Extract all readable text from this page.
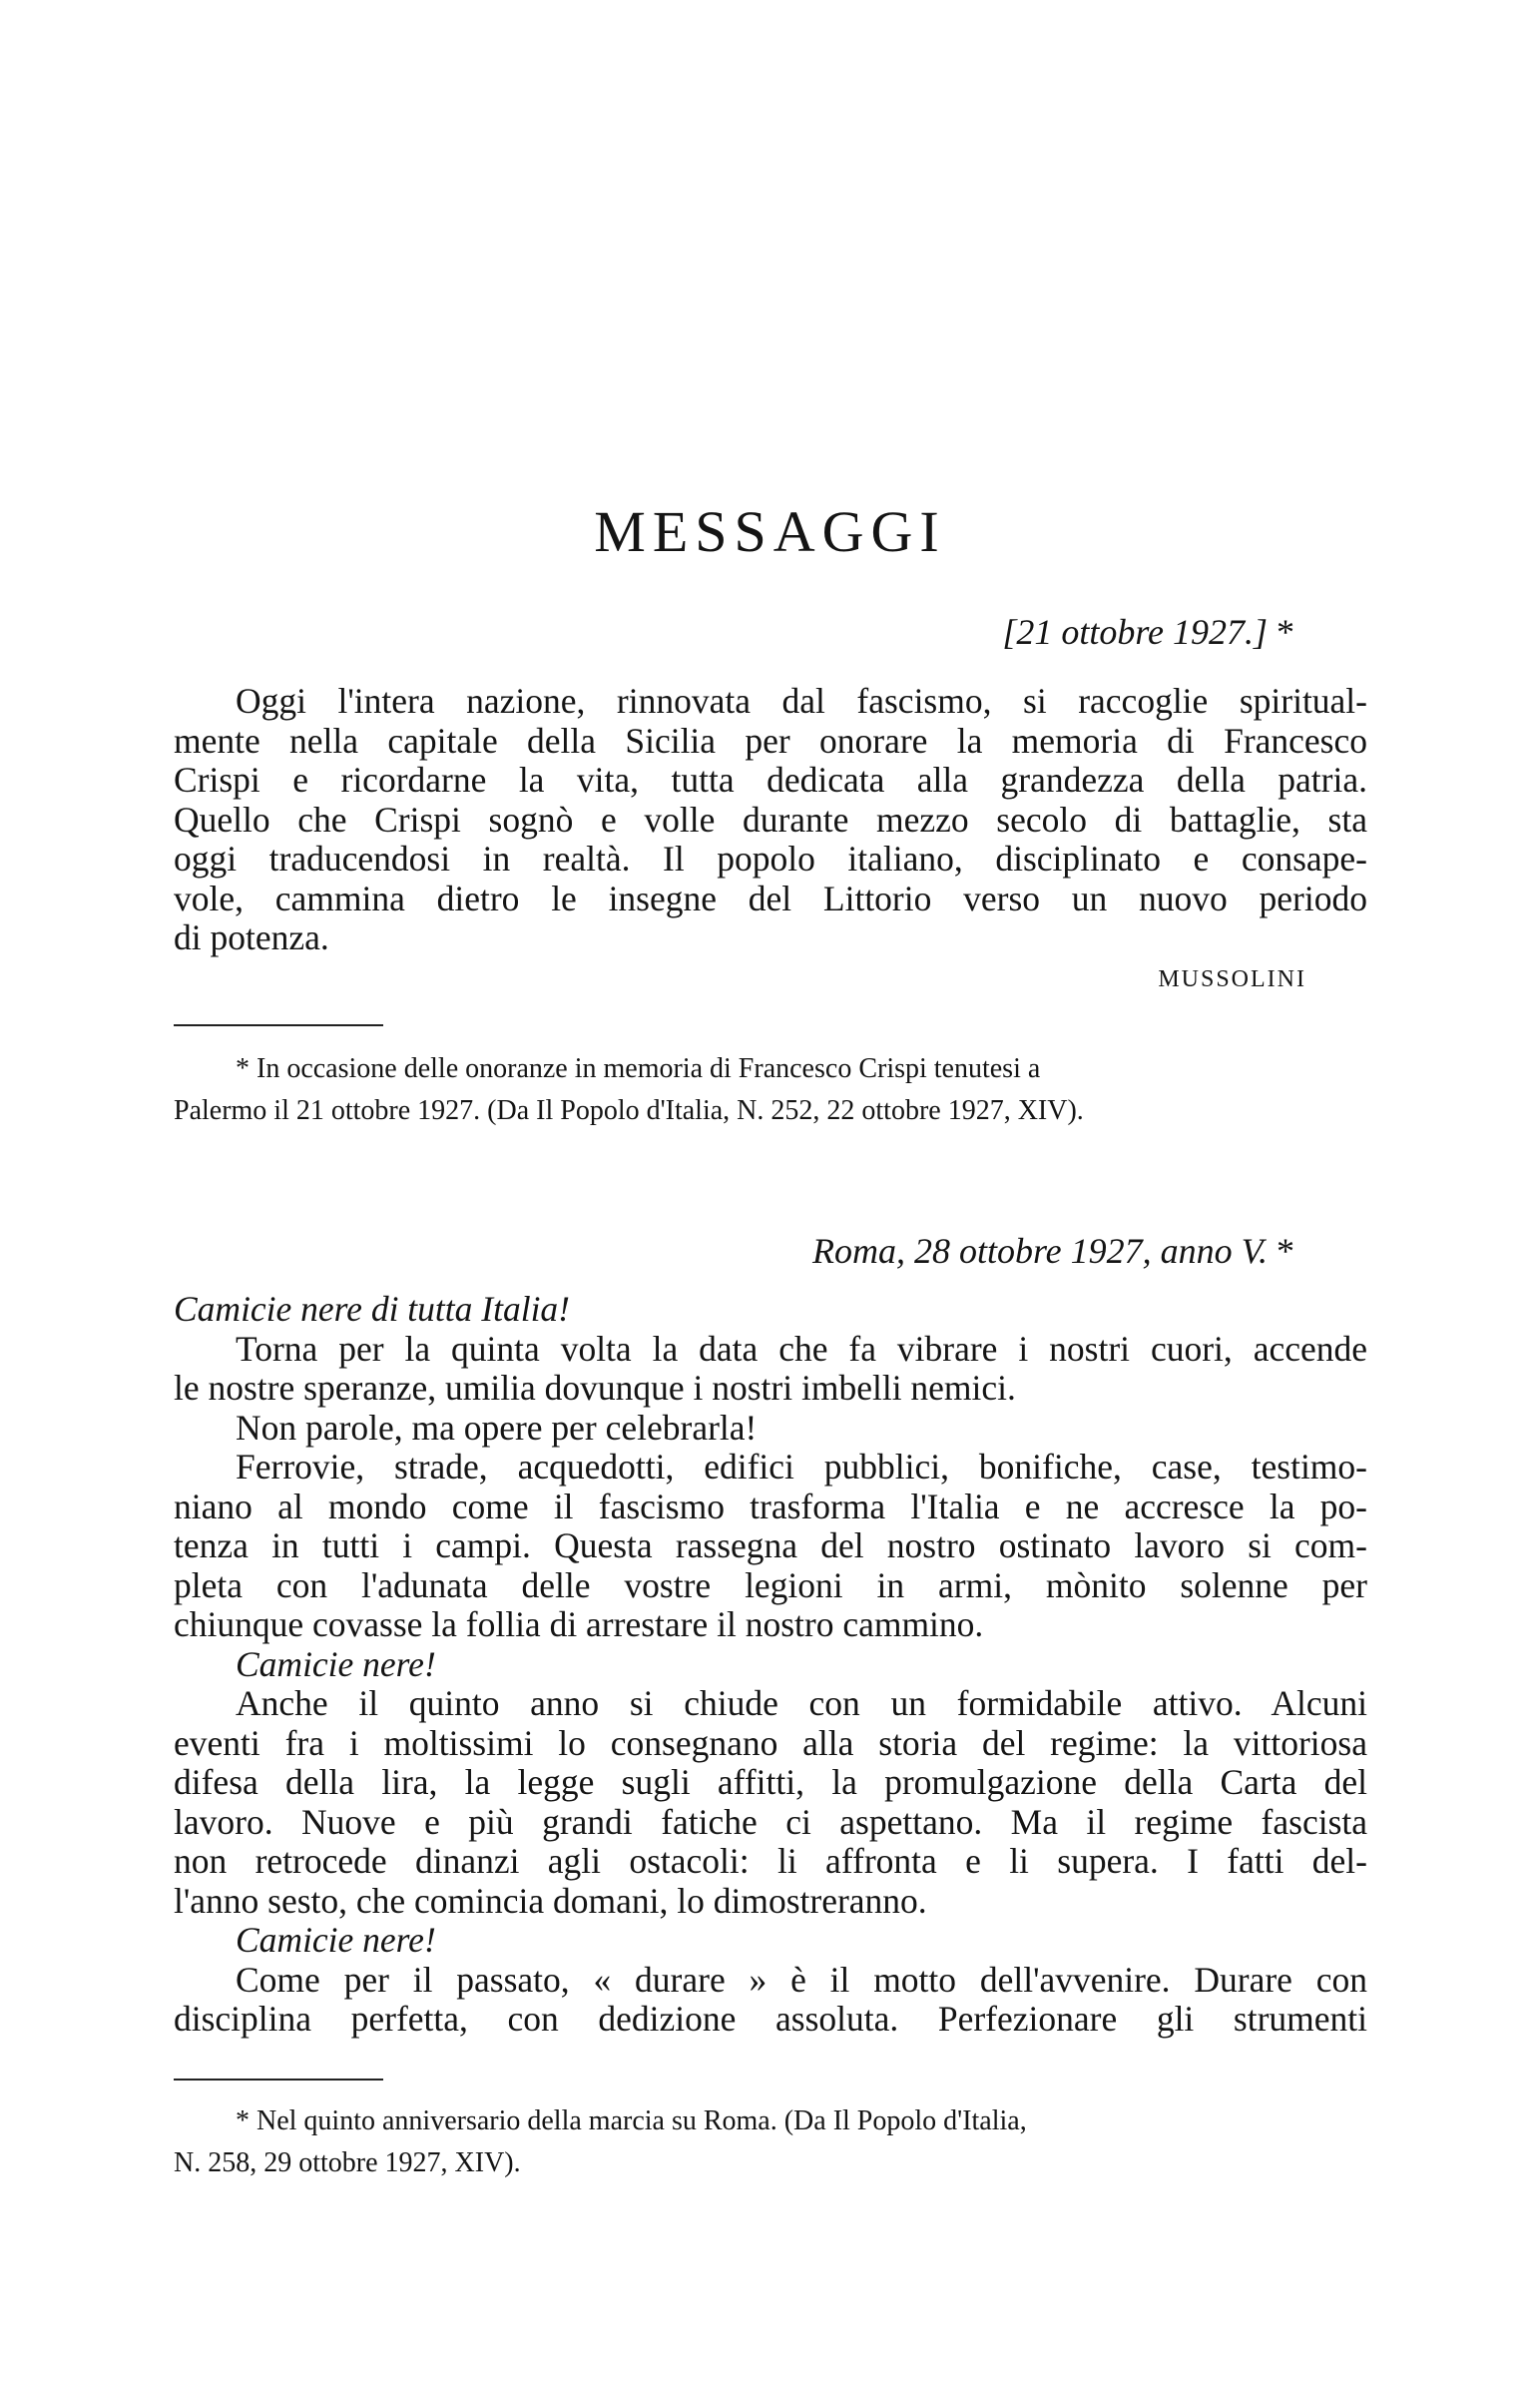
MESSAGGI
[21 ottobre 1927.] *
Oggi l'intera nazione, rinnovata dal fascismo, si raccoglie spiritual-
mente nella capitale della Sicilia per onorare la memoria di Francesco
Crispi e ricordarne la vita, tutta dedicata alla grandezza della patria.
Quello che Crispi sognò e volle durante mezzo secolo di battaglie, sta
oggi traducendosi in realtà. Il popolo italiano, disciplinato e consape-
vole, cammina dietro le insegne del Littorio verso un nuovo periodo
di potenza.
MUSSOLINI
* In occasione delle onoranze in memoria di Francesco Crispi tenutesi a
Palermo il 21 ottobre 1927. (Da Il Popolo d'Italia, N. 252, 22 ottobre 1927, XIV).
Roma, 28 ottobre 1927, anno V. *
Camicie nere di tutta Italia!
Torna per la quinta volta la data che fa vibrare i nostri cuori, accende
le nostre speranze, umilia dovunque i nostri imbelli nemici.
Non parole, ma opere per celebrarla!
Ferrovie, strade, acquedotti, edifici pubblici, bonifiche, case, testimo-
niano al mondo come il fascismo trasforma l'Italia e ne accresce la po-
tenza in tutti i campi. Questa rassegna del nostro ostinato lavoro si com-
pleta con l'adunata delle vostre legioni in armi, mònito solenne per
chiunque covasse la follia di arrestare il nostro cammino.
Camicie nere!
Anche il quinto anno si chiude con un formidabile attivo. Alcuni
eventi fra i moltissimi lo consegnano alla storia del regime: la vittoriosa
difesa della lira, la legge sugli affitti, la promulgazione della Carta del
lavoro. Nuove e più grandi fatiche ci aspettano. Ma il regime fascista
non retrocede dinanzi agli ostacoli: li affronta e li supera. I fatti del-
l'anno sesto, che comincia domani, lo dimostreranno.
Camicie nere!
Come per il passato, « durare » è il motto dell'avvenire. Durare con
disciplina perfetta, con dedizione assoluta. Perfezionare gli strumenti
* Nel quinto anniversario della marcia su Roma. (Da Il Popolo d'Italia,
N. 258, 29 ottobre 1927, XIV).
